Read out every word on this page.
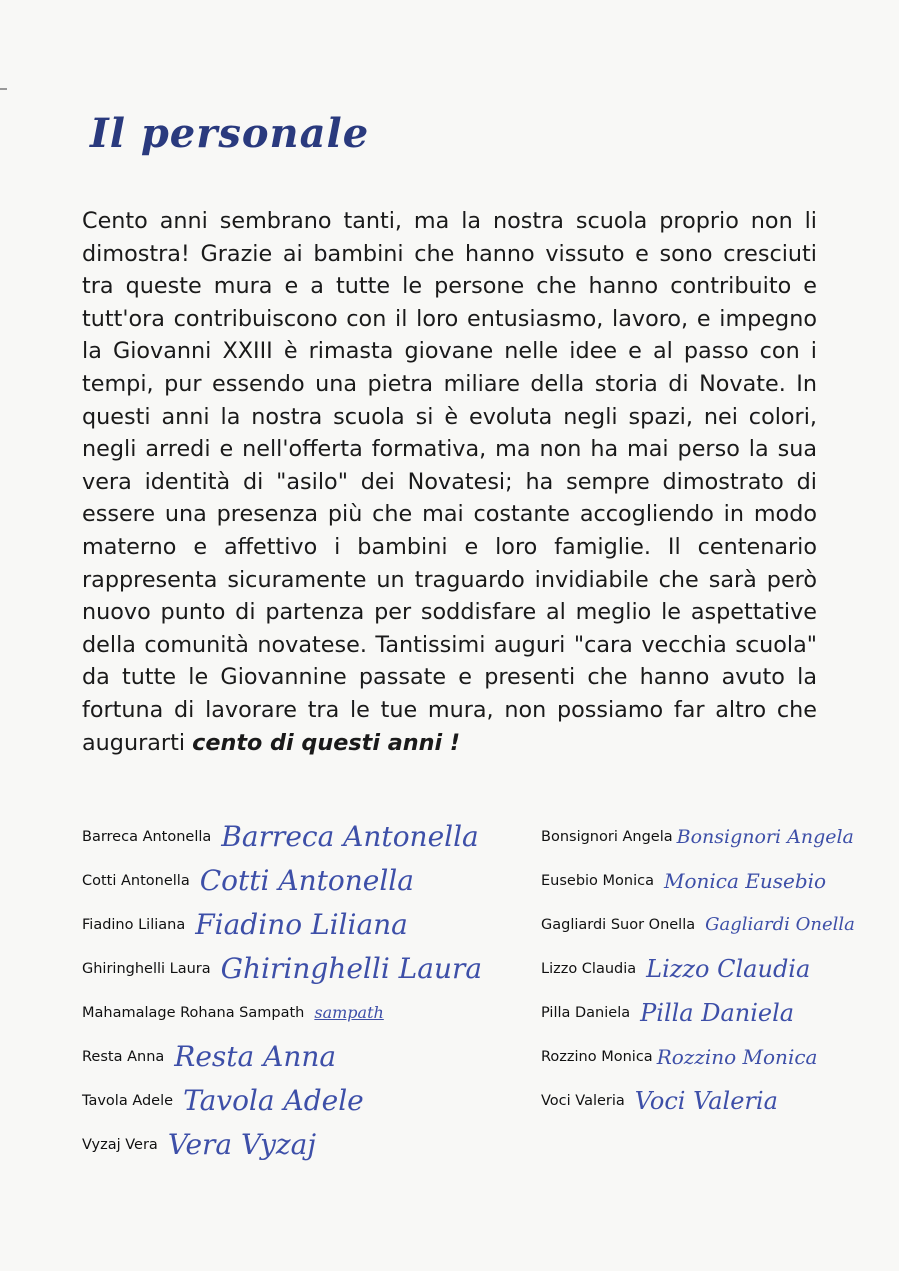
Il personale

Cento anni sembrano tanti, ma la nostra scuola proprio non li dimostra! Grazie ai bambini che hanno vissuto e sono cresciuti tra queste mura e a tutte le persone che hanno contribuito e tutt'ora contribuiscono con il loro entusiasmo, lavoro, e impegno la Giovanni XXIII è rimasta giovane nelle idee e al passo con i tempi, pur essendo una pietra miliare della storia di Novate. In questi anni la nostra scuola si è evoluta negli spazi, nei colori, negli arredi e nell'offerta formativa, ma non ha mai perso la sua vera identità di "asilo" dei Novatesi; ha sempre dimostrato di essere una presenza più che mai costante accogliendo in modo materno e affettivo i bambini e loro famiglie. Il centenario rappresenta sicuramente un traguardo invidiabile che sarà però nuovo punto di partenza per soddisfare al meglio le aspettative della comunità novatese. Tantissimi auguri "cara vecchia scuola" da tutte le Giovannine passate e presenti che hanno avuto la fortuna di lavorare tra le tue mura, non possiamo far altro che augurarti cento di questi anni !

Barreca Antonella Barreca Antonella
Cotti Antonella Cotti Antonella
Fiadino Liliana Fiadino Liliana
Ghiringhelli Laura Ghiringhelli Laura
Mahamalage Rohana Sampath sampath
Resta Anna Resta Anna
Tavola Adele Tavola Adele
Vyzaj Vera Vera Vyzaj
Bonsignori Angela Bonsignori Angela
Eusebio Monica Monica Eusebio
Gagliardi Suor Onella Gagliardi Onella
Lizzo Claudia Lizzo Claudia
Pilla Daniela Pilla Daniela
Rozzino Monica Rozzino Monica
Voci Valeria Voci Valeria
